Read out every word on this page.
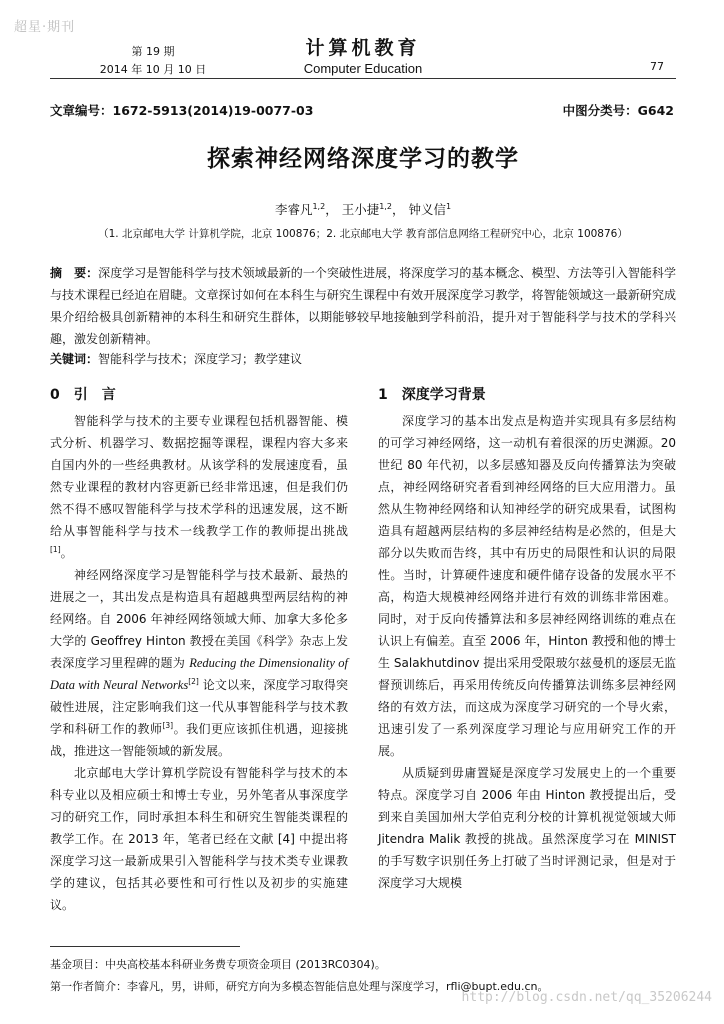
超星·期刊
第 19 期
2014 年 10 月 10 日
计算机教育
Computer Education	77
文章编号：1672-5913(2014)19-0077-03	中图分类号：G642
探索神经网络深度学习的教学
李睿凡$^{1,2}$， 王小捷$^{1,2}$， 钟义信$^1$
（1. 北京邮电大学 计算机学院，北京 100876；2. 北京邮电大学 教育部信息网络工程研究中心，北京 100876）
摘　要：深度学习是智能科学与技术领域最新的一个突破性进展，将深度学习的基本概念、模型、方法等引入智能科学与技术课程已经迫在眉睫。文章探讨如何在本科生与研究生课程中有效开展深度学习教学，将智能领域这一最新研究成果介绍给极具创新精神的本科生和研究生群体，以期能够较早地接触到学科前沿，提升对于智能科学与技术的学科兴趣，激发创新精神。
关键词：智能科学与技术；深度学习；教学建议
0　引　言	1　深度学习背景

智能科学与技术的主要专业课程包括机器智能、模式分析、机器学习、数据挖掘等课程，课程内容大多来自国内外的一些经典教材。从该学科的发展速度看，虽然专业课程的教材内容更新已经非常迅速，但是我们仍然不得不感叹智能科学与技术学科的迅速发展，这不断给从事智能科学与技术一线教学工作的教师提出挑战[1]。

神经网络深度学习是智能科学与技术最新、最热的进展之一，其出发点是构造具有超越典型两层结构的神经网络。自 2006 年神经网络领域大师、加拿大多伦多大学的 Geoffrey Hinton 教授在美国《科学》杂志上发表深度学习里程碑的题为 Reducing the Dimensionality of Data with Neural Networks[2] 论文以来，深度学习取得突破性进展，注定影响我们这一代从事智能科学与技术教学和科研工作的教师[3]。我们更应该抓住机遇，迎接挑战，推进这一智能领域的新发展。

北京邮电大学计算机学院设有智能科学与技术的本科专业以及相应硕士和博士专业，另外笔者从事深度学习的研究工作，同时承担本科生和研究生智能类课程的教学工作。在 2013 年，笔者已经在文献 [4] 中提出将深度学习这一最新成果引入智能科学与技术类专业课教学的建议，包括其必要性和可行性以及初步的实施建议。

深度学习的基本出发点是构造并实现具有多层结构的可学习神经网络，这一动机有着很深的历史渊源。20 世纪 80 年代初，以多层感知器及反向传播算法为突破点，神经网络研究者看到神经网络的巨大应用潜力。虽然从生物神经网络和认知神经学的研究成果看，试图构造具有超越两层结构的多层神经结构是必然的，但是大部分以失败而告终，其中有历史的局限性和认识的局限性。当时，计算硬件速度和硬件储存设备的发展水平不高，构造大规模神经网络并进行有效的训练非常困难。同时，对于反向传播算法和多层神经网络训练的难点在认识上有偏差。直至 2006 年，Hinton 教授和他的博士生 Salakhutdinov 提出采用受限玻尔兹曼机的逐层无监督预训练后，再采用传统反向传播算法训练多层神经网络的有效方法，而这成为深度学习研究的一个导火索，迅速引发了一系列深度学习理论与应用研究工作的开展。

从质疑到毋庸置疑是深度学习发展史上的一个重要特点。深度学习自 2006 年由 Hinton 教授提出后，受到来自美国加州大学伯克利分校的计算机视觉领域大师 Jitendra Malik 教授的挑战。虽然深度学习在 MINIST 的手写数字识别任务上打破了当时评测记录，但是对于深度学习大规模

基金项目：中央高校基本科研业务费专项资金项目 (2013RC0304)。
第一作者简介：李睿凡，男，讲师，研究方向为多模态智能信息处理与深度学习，rfli@bupt.edu.cn。
http://blog.csdn.net/qq_35206244
